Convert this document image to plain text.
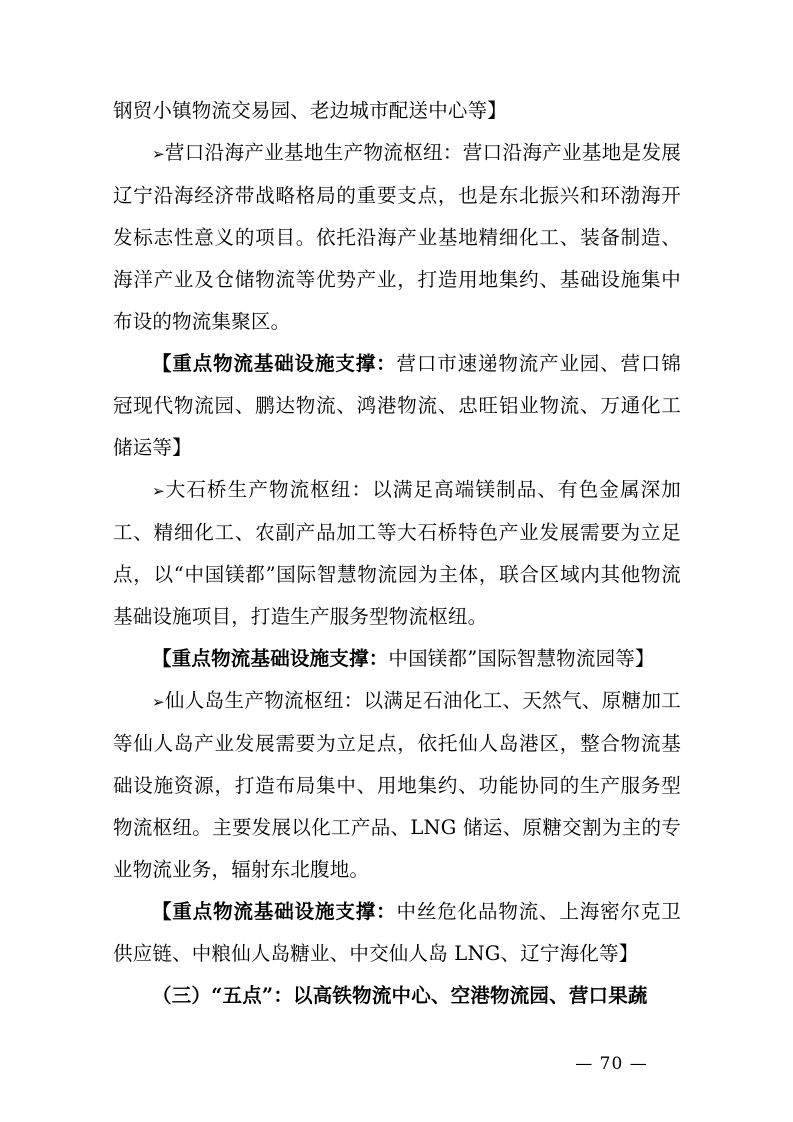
钢贸小镇物流交易园、老边城市配送中心等】

➢营口沿海产业基地生产物流枢纽：营口沿海产业基地是发展辽宁沿海经济带战略格局的重要支点，也是东北振兴和环渤海开发标志性意义的项目。依托沿海产业基地精细化工、装备制造、海洋产业及仓储物流等优势产业，打造用地集约、基础设施集中布设的物流集聚区。

【重点物流基础设施支撑：营口市速递物流产业园、营口锦冠现代物流园、鹏达物流、鸿港物流、忠旺铝业物流、万通化工储运等】

➢大石桥生产物流枢纽：以满足高端镁制品、有色金属深加工、精细化工、农副产品加工等大石桥特色产业发展需要为立足点，以“中国镁都”国际智慧物流园为主体，联合区域内其他物流基础设施项目，打造生产服务型物流枢纽。

【重点物流基础设施支撑：中国镁都”国际智慧物流园等】

➢仙人岛生产物流枢纽：以满足石油化工、天然气、原糖加工等仙人岛产业发展需要为立足点，依托仙人岛港区，整合物流基础设施资源，打造布局集中、用地集约、功能协同的生产服务型物流枢纽。主要发展以化工产品、LNG 储运、原糖交割为主的专业物流业务，辐射东北腹地。

【重点物流基础设施支撑：中丝危化品物流、上海密尔克卫供应链、中粮仙人岛糖业、中交仙人岛 LNG、辽宁海化等】

（三）“五点”：以高铁物流中心、空港物流园、营口果蔬

— 70 —
